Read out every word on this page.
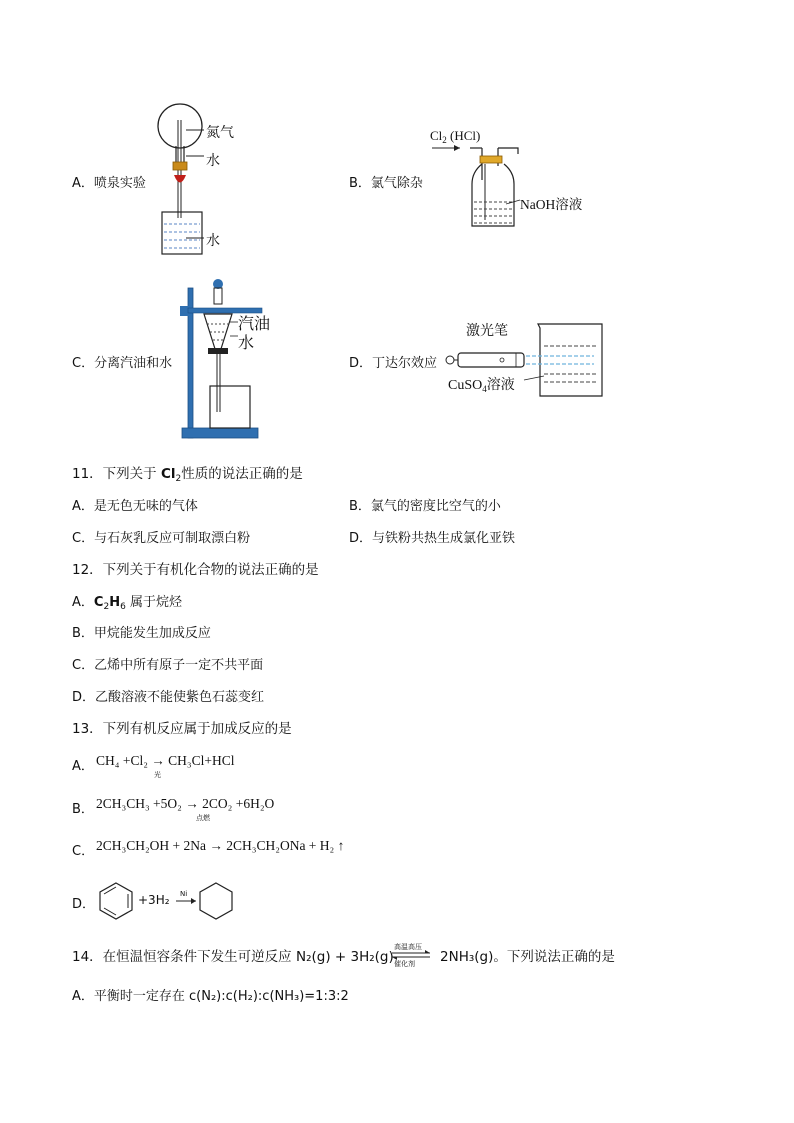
A．喷泉实验
氮气
水
水
B．氯气除杂
$Cl_2$ (HCl)
NaOH溶液
C．分离汽油和水
汽油
水
D．丁达尔效应
激光笔
CuSO$_4$溶液
11．下列关于 $Cl_2$性质的说法正确的是
A．是无色无味的气体	B．氯气的密度比空气的小
C．与石灰乳反应可制取漂白粉	D．与铁粉共热生成氯化亚铁
12．下列关于有机化合物的说法正确的是
A．$C_2H_6$ 属于烷烃
B．甲烷能发生加成反应
C．乙烯中所有原子一定不共平面
D．乙酸溶液不能使紫色石蕊变红
13．下列有机反应属于加成反应的是
A． CH₄ +Cl₂ → CH₃Cl+HCl
光
B． 2CH₃CH₃ +5O₂ → 2CO₂ +6H₂O
点燃
C． 2CH₃CH₂OH + 2Na → 2CH₃CH₂ONa + H₂ ↑
D．	+3H₂ Ni
14．在恒温恒容条件下发生可逆反应 N₂(g) + 3H₂(g)
高温高压
催化剂 2NH₃(g)。下列说法正确的是
A．平衡时一定存在 c(N₂):c(H₂):c(NH₃)=1:3:2
